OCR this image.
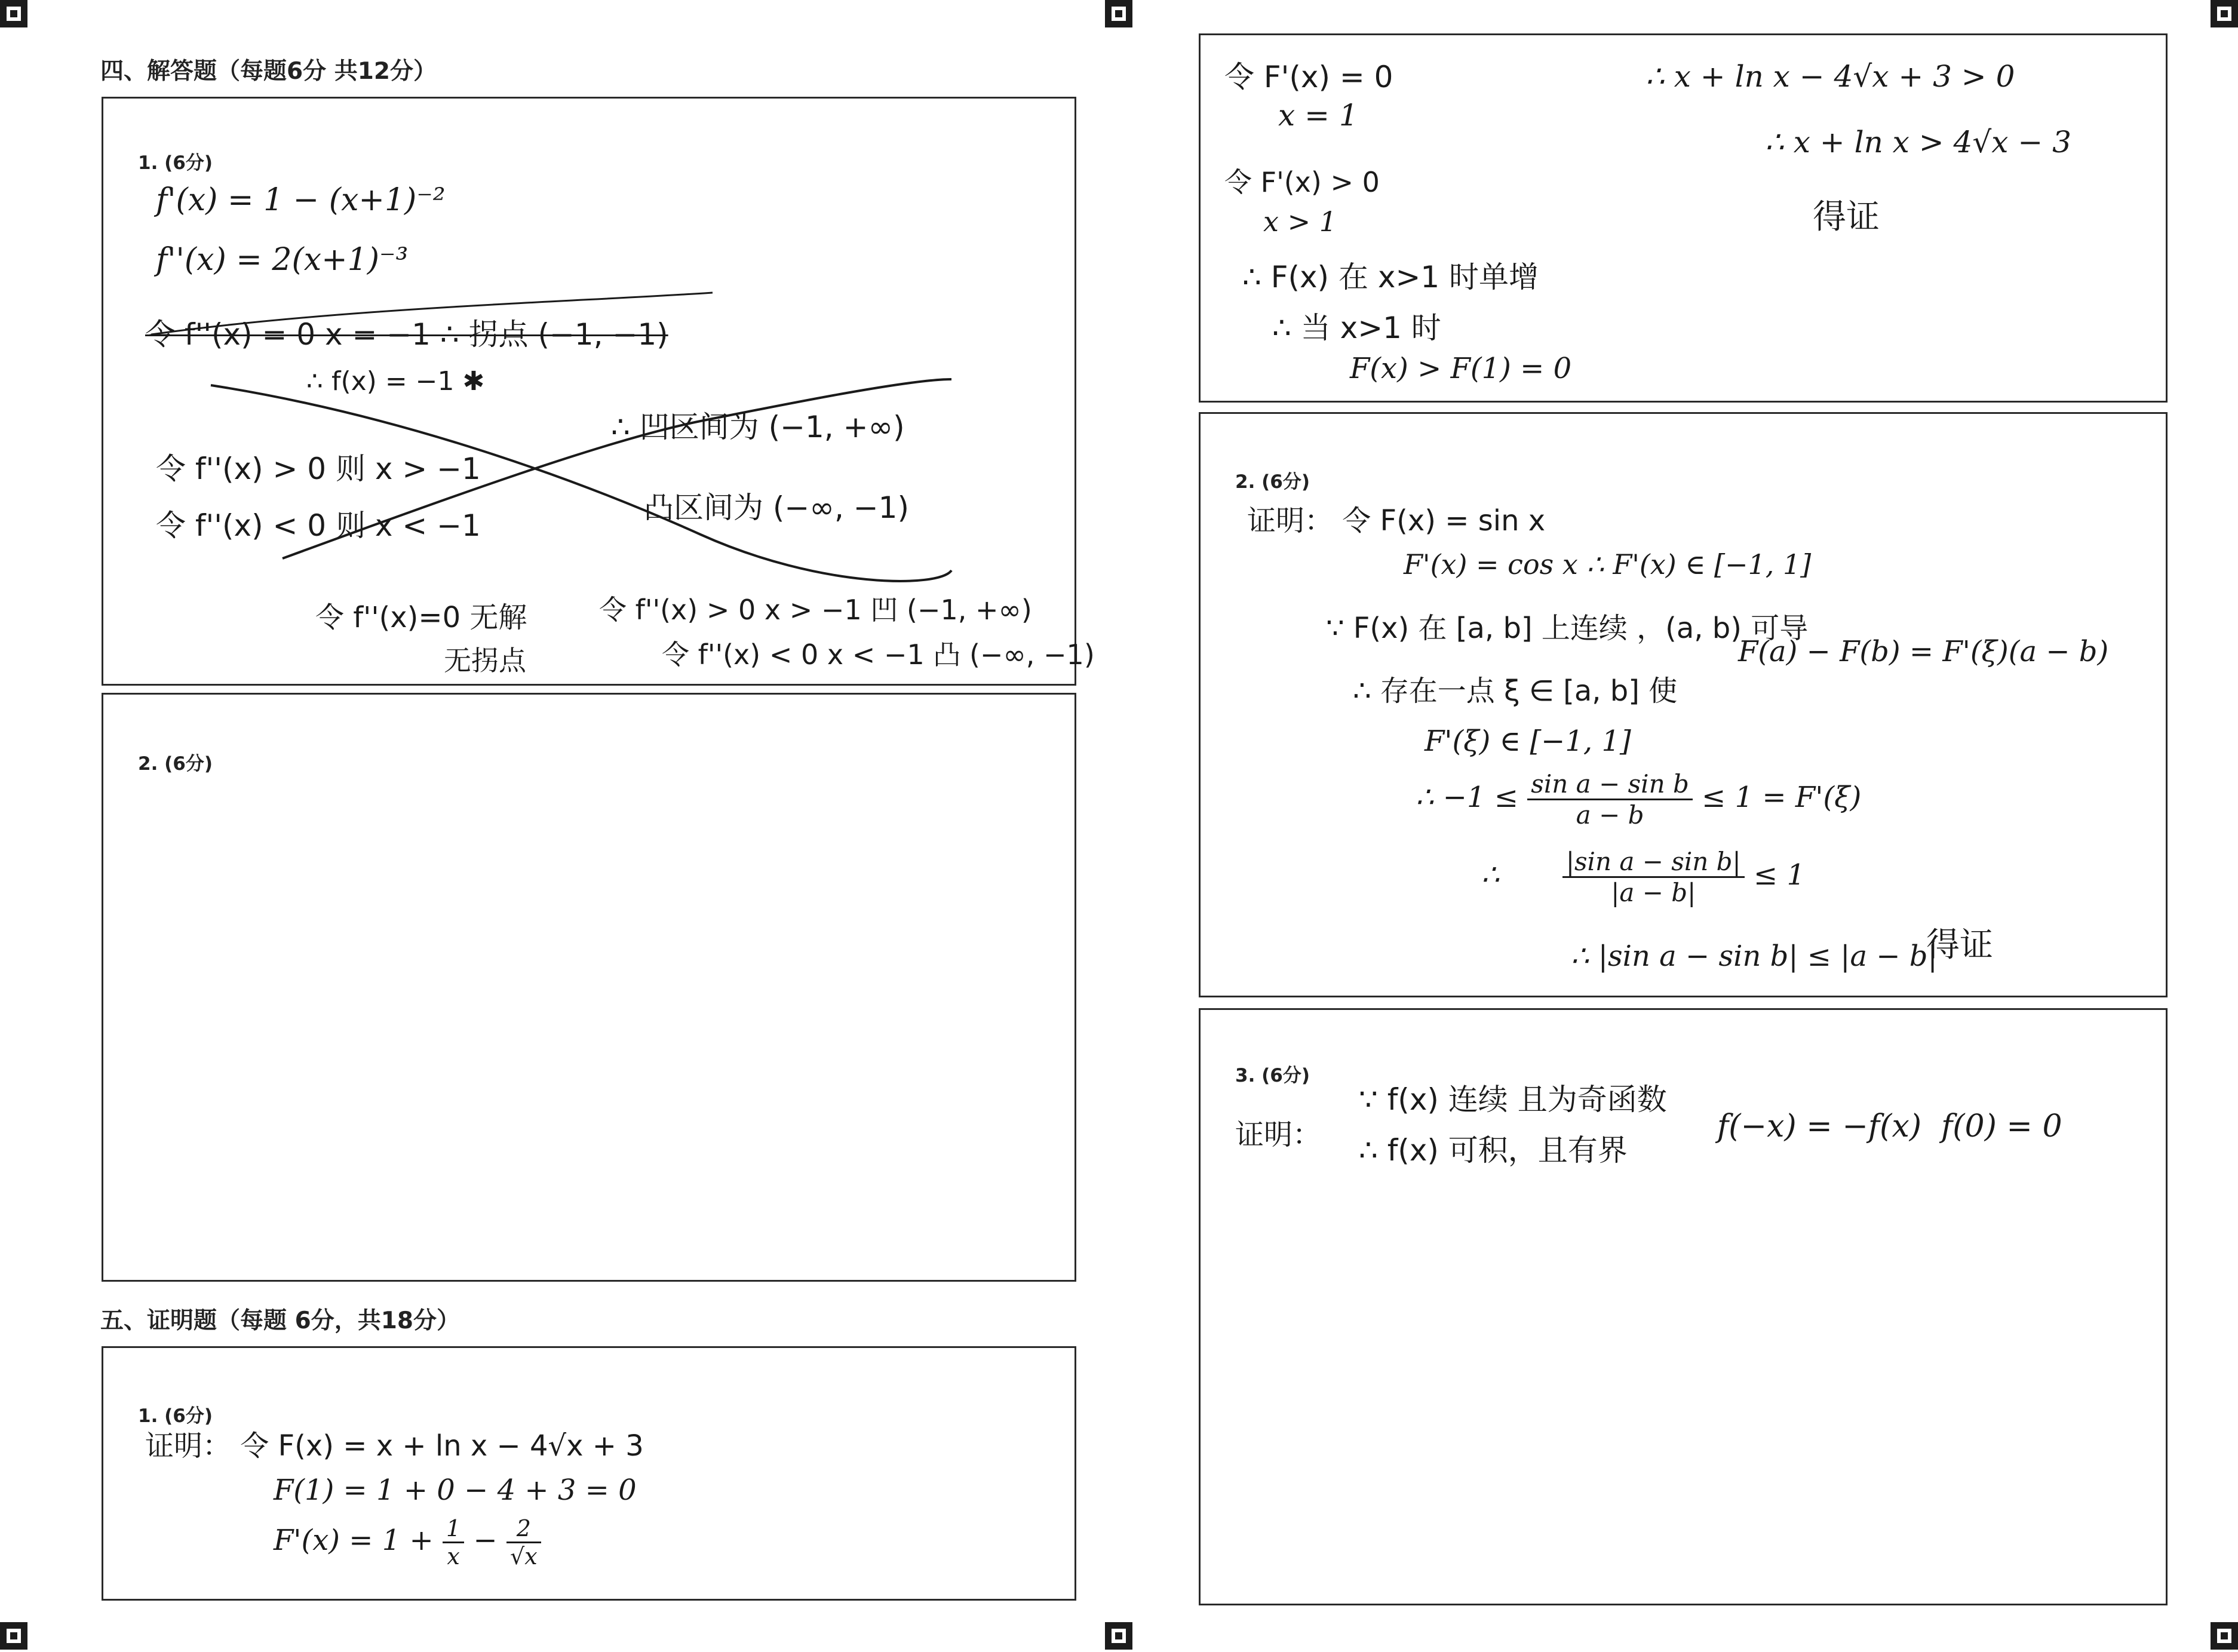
四、解答题（每题6分 共12分）
1. (6分)
f'(x) = 1 − (x+1)⁻²
f''(x) = 2(x+1)⁻³
令 f''(x) = 0 x = −1 ∴ 拐点 (−1, −1)
∴ f(x) = −1 ✱
∴ 凹区间为 (−1, +∞)
令 f''(x) > 0 则 x > −1
凸区间为 (−∞, −1)
令 f''(x) < 0 则 x < −1
令 f''(x)=0 无解	令 f''(x) > 0 x > −1 凹 (−1, +∞)
无拐点	令 f''(x) < 0 x < −1 凸 (−∞, −1)
2. (6分)
五、证明题（每题 6分，共18分）
1. (6分)
证明： 令 F(x) = x + ln x − 4√x + 3
F(1) = 1 + 0 − 4 + 3 = 0
$F'(x) = 1 + \frac{1}{x} - \frac{2}{√x}$
令 F'(x) = 0
x = 1
令 F'(x) > 0
x > 1
∴ F(x) 在 x>1 时单增
∴ 当 x>1 时
F(x) > F(1) = 0
∴ x + ln x − 4√x + 3 > 0
∴ x + ln x > 4√x − 3
得证
2. (6分)
证明： 令 F(x) = sin x
F'(x) = cos x ∴ F'(x) ∈ [−1, 1]
∵ F(x) 在 [a, b] 上连续 ，(a, b) 可导
∴ 存在一点 ξ ∈ [a, b] 使
F(a) − F(b) = F'(ξ)(a − b)
F'(ξ) ∈ [−1, 1]
∴ $-1 \le \frac{\text{sin a − sin b}}{a - b} \le 1 = F'(\xi)$
∴	$\frac{\text{|sin a − sin b|}}{|a - b|} \le 1$
∴ |sin a − sin b| ≤ |a − b|
得证
3. (6分)
证明：
∵ f(x) 连续 且为奇函数
∴ f(x) 可积，且有界
f(−x) = −f(x) f(0) = 0
